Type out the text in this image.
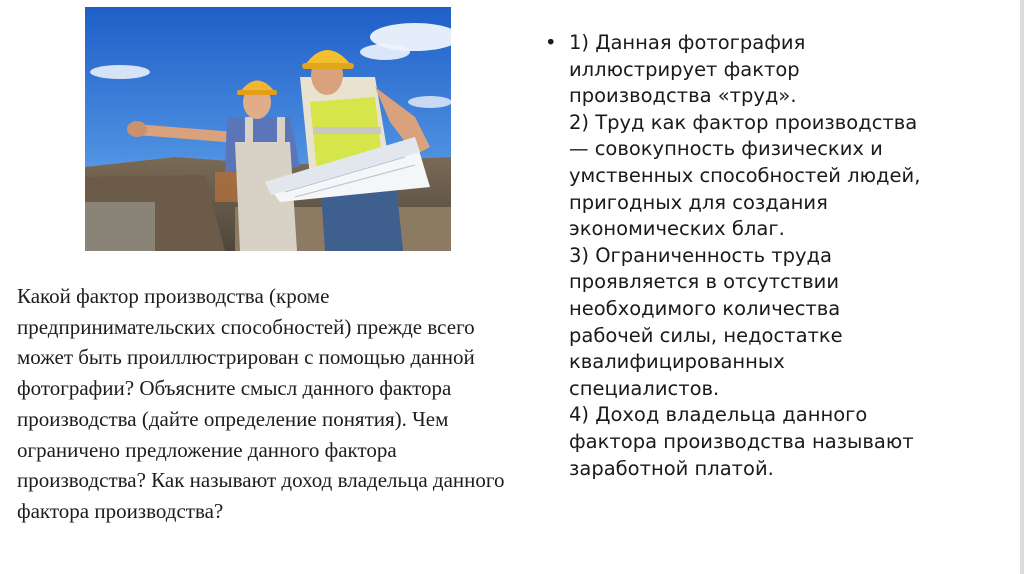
Какой фактор производства (кроме предпринимательских способностей) прежде всего может быть проиллюстрирован с помощью данной фотографии? Объясните смысл данного фактора производства (дайте определение понятия). Чем ограничено предложение данного фактора производства? Как называют доход владельца данного фактора производства?

• 1) Данная фотография иллюстрирует фактор производства «труд».
2) Труд как фактор производства — совокупность физических и умственных способностей людей, пригодных для создания экономических благ.
3) Ограниченность труда проявляется в отсутствии необходимого количества рабочей силы, недостатке квалифицированных специалистов.
4) Доход владельца данного фактора производства называют заработной платой.
